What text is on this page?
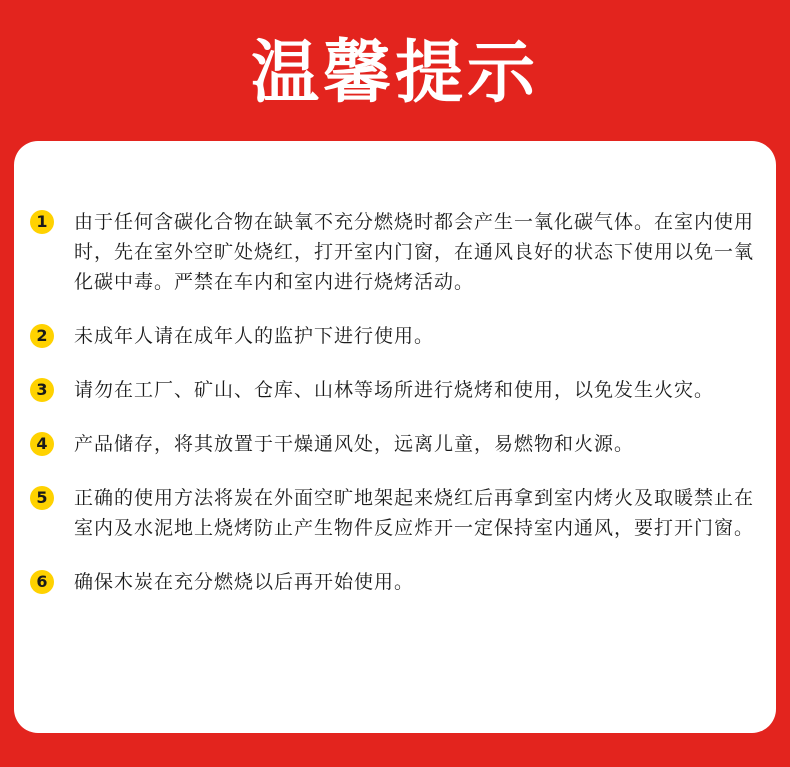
温馨提示
1	由于任何含碳化合物在缺氧不充分燃烧时都会产生一氧化碳气体。在室内使用时，先在室外空旷处烧红，打开室内门窗，在通风良好的状态下使用以免一氧化碳中毒。严禁在车内和室内进行烧烤活动。
2	未成年人请在成年人的监护下进行使用。
3	请勿在工厂、矿山、仓库、山林等场所进行烧烤和使用，以免发生火灾。
4	产品储存，将其放置于干燥通风处，远离儿童，易燃物和火源。
5	正确的使用方法将炭在外面空旷地架起来烧红后再拿到室内烤火及取暖禁止在室内及水泥地上烧烤防止产生物件反应炸开一定保持室内通风，要打开门窗。
6	确保木炭在充分燃烧以后再开始使用。
